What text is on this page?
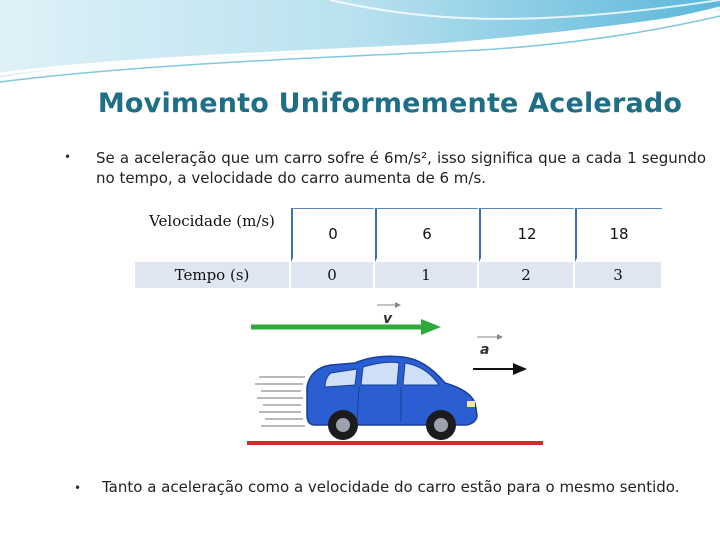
Movimento Uniformemente Acelerado
• Se a aceleração que um carro sofre é 6m/s², isso significa que a cada 1 segundo no tempo, a velocidade do carro aumenta de 6 m/s.
Velocidade (m/s)	0	6	12	18
Tempo (s)	0	1	2	3
v
a
• Tanto a aceleração como a velocidade do carro estão para o mesmo sentido.
